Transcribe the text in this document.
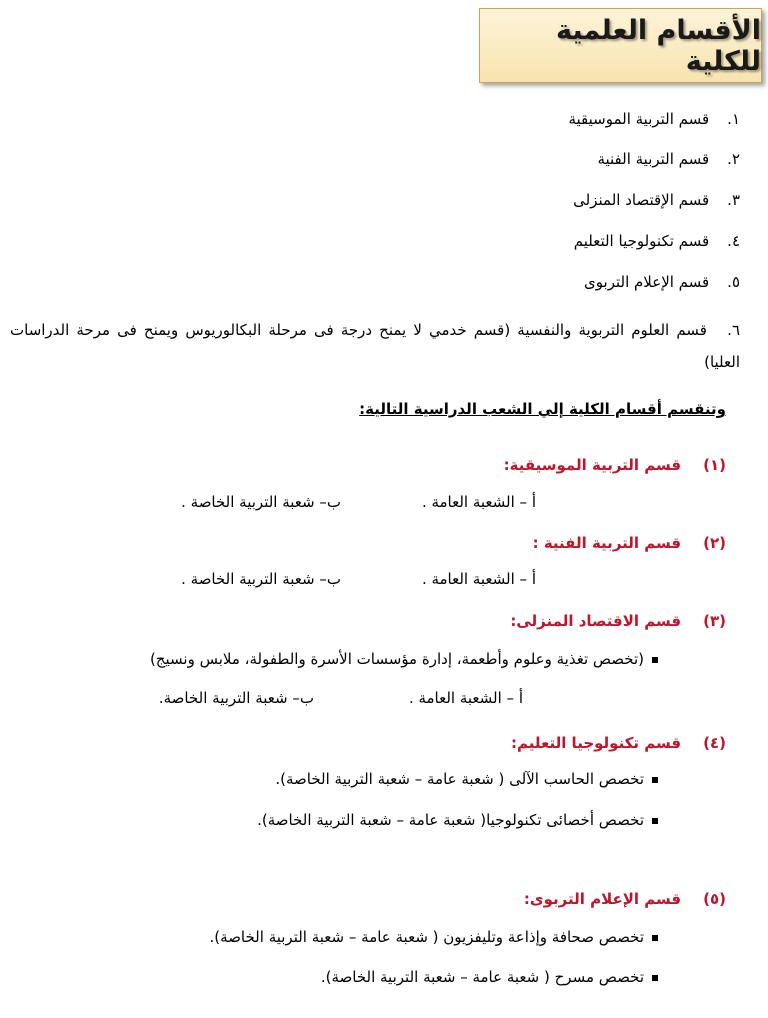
الأقسام العلمية للكلية
١. قسم التربية الموسيقية
٢. قسم التربية الفنية
٣. قسم الإقتصاد المنزلى
٤. قسم تكنولوجيا التعليم
٥. قسم الإعلام التربوى
٦. قسم العلوم التربوية والنفسية (قسم خدمي لا يمنح درجة فى مرحلة البكالوريوس ويمنح فى مرحة الدراسات العليا)
وتنقسم أقسام الكلية إلي الشعب الدراسية التالية:
(١)قسم التربية الموسيقية:
أ – الشعبة العامة .
ب– شعبة التربية الخاصة .
(٢)قسم التربية الفنية :
أ – الشعبة العامة .
ب– شعبة التربية الخاصة .
(٣)قسم الاقتصاد المنزلى:
(تخصص تغذية وعلوم وأطعمة، إدارة مؤسسات الأسرة والطفولة، ملابس ونسيج)
أ – الشعبة العامة .
ب– شعبة التربية الخاصة.
(٤)قسم تكنولوجيا التعليم:
تخصص الحاسب الآلى ( شعبة عامة – شعبة التربية الخاصة).
تخصص أخصائى تكنولوجيا( شعبة عامة – شعبة التربية الخاصة).
(٥)قسم الإعلام التربوى:
تخصص صحافة وإذاعة وتليفزيون ( شعبة عامة – شعبة التربية الخاصة).
تخصص مسرح ( شعبة عامة – شعبة التربية الخاصة).
